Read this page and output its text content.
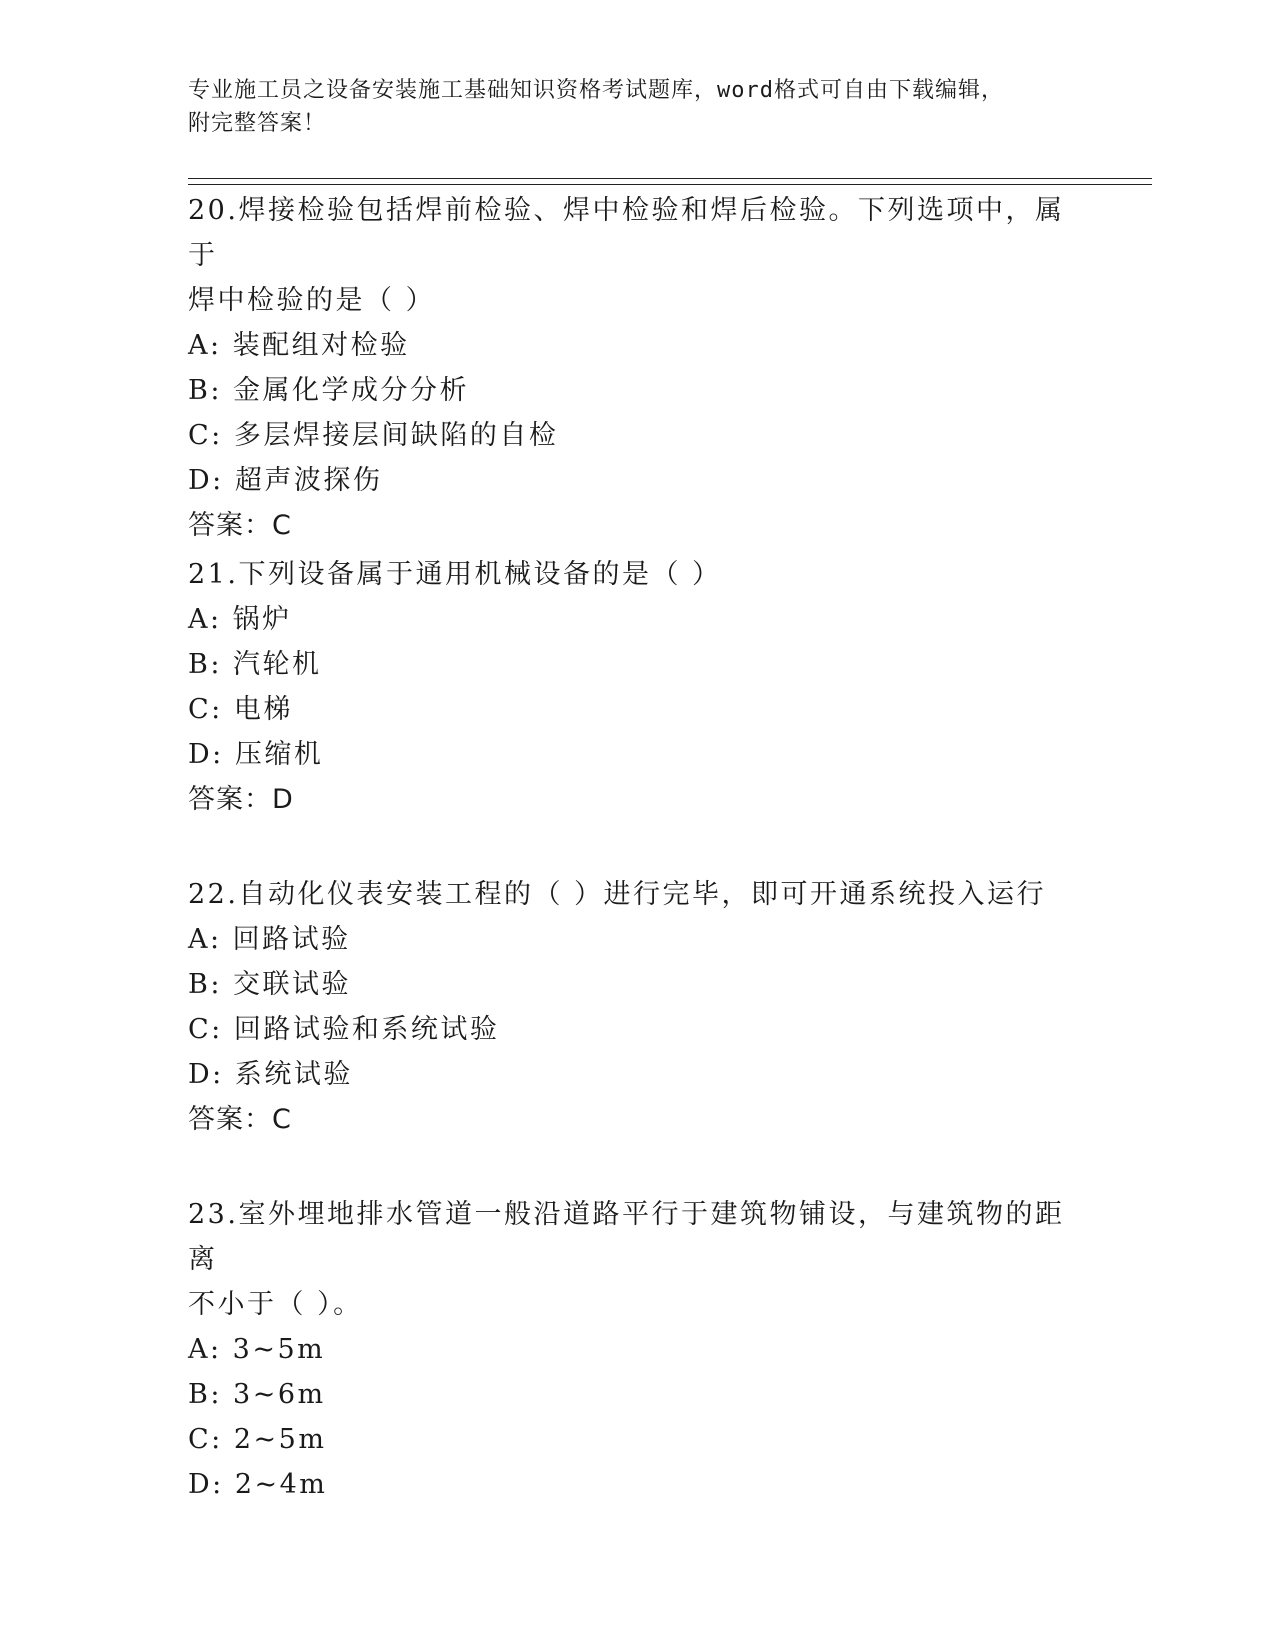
专业施工员之设备安装施工基础知识资格考试题库，word格式可自由下载编辑，
附完整答案！

20.焊接检验包括焊前检验、焊中检验和焊后检验。下列选项中，属于

焊中检验的是（ ）

A: 装配组对检验

B: 金属化学成分分析

C: 多层焊接层间缺陷的自检

D: 超声波探伤

答案：C

21.下列设备属于通用机械设备的是（ ）

A: 锅炉

B: 汽轮机

C: 电梯

D: 压缩机

答案：D

22.自动化仪表安装工程的（ ）进行完毕，即可开通系统投入运行

A: 回路试验

B: 交联试验

C: 回路试验和系统试验

D: 系统试验

答案：C

23.室外埋地排水管道一般沿道路平行于建筑物铺设，与建筑物的距离

不小于（ ）。

A: 3~5m

B: 3~6m

C: 2~5m

D: 2~4m
